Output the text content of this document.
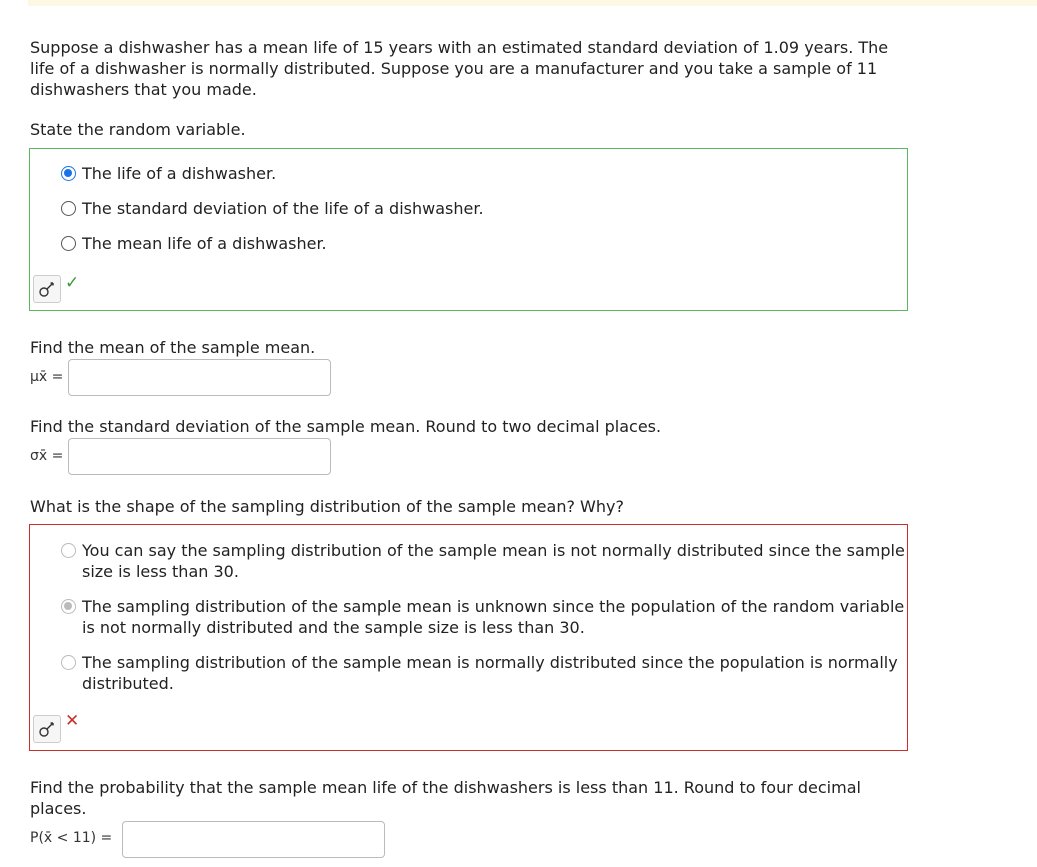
Suppose a dishwasher has a mean life of 15 years with an estimated standard deviation of 1.09 years. The life of a dishwasher is normally distributed. Suppose you are a manufacturer and you take a sample of 11 dishwashers that you made.

State the random variable.

The life of a dishwasher.
The standard deviation of the life of a dishwasher.
The mean life of a dishwasher.
✓

Find the mean of the sample mean.

μx̄ =

Find the standard deviation of the sample mean. Round to two decimal places.

σx̄ =

What is the shape of the sampling distribution of the sample mean? Why?

You can say the sampling distribution of the sample mean is not normally distributed since the sample size is less than 30.
The sampling distribution of the sample mean is unknown since the population of the random variable is not normally distributed and the sample size is less than 30.
The sampling distribution of the sample mean is normally distributed since the population is normally distributed.
✕

Find the probability that the sample mean life of the dishwashers is less than 11. Round to four decimal places.

P(x̄ < 11) =
